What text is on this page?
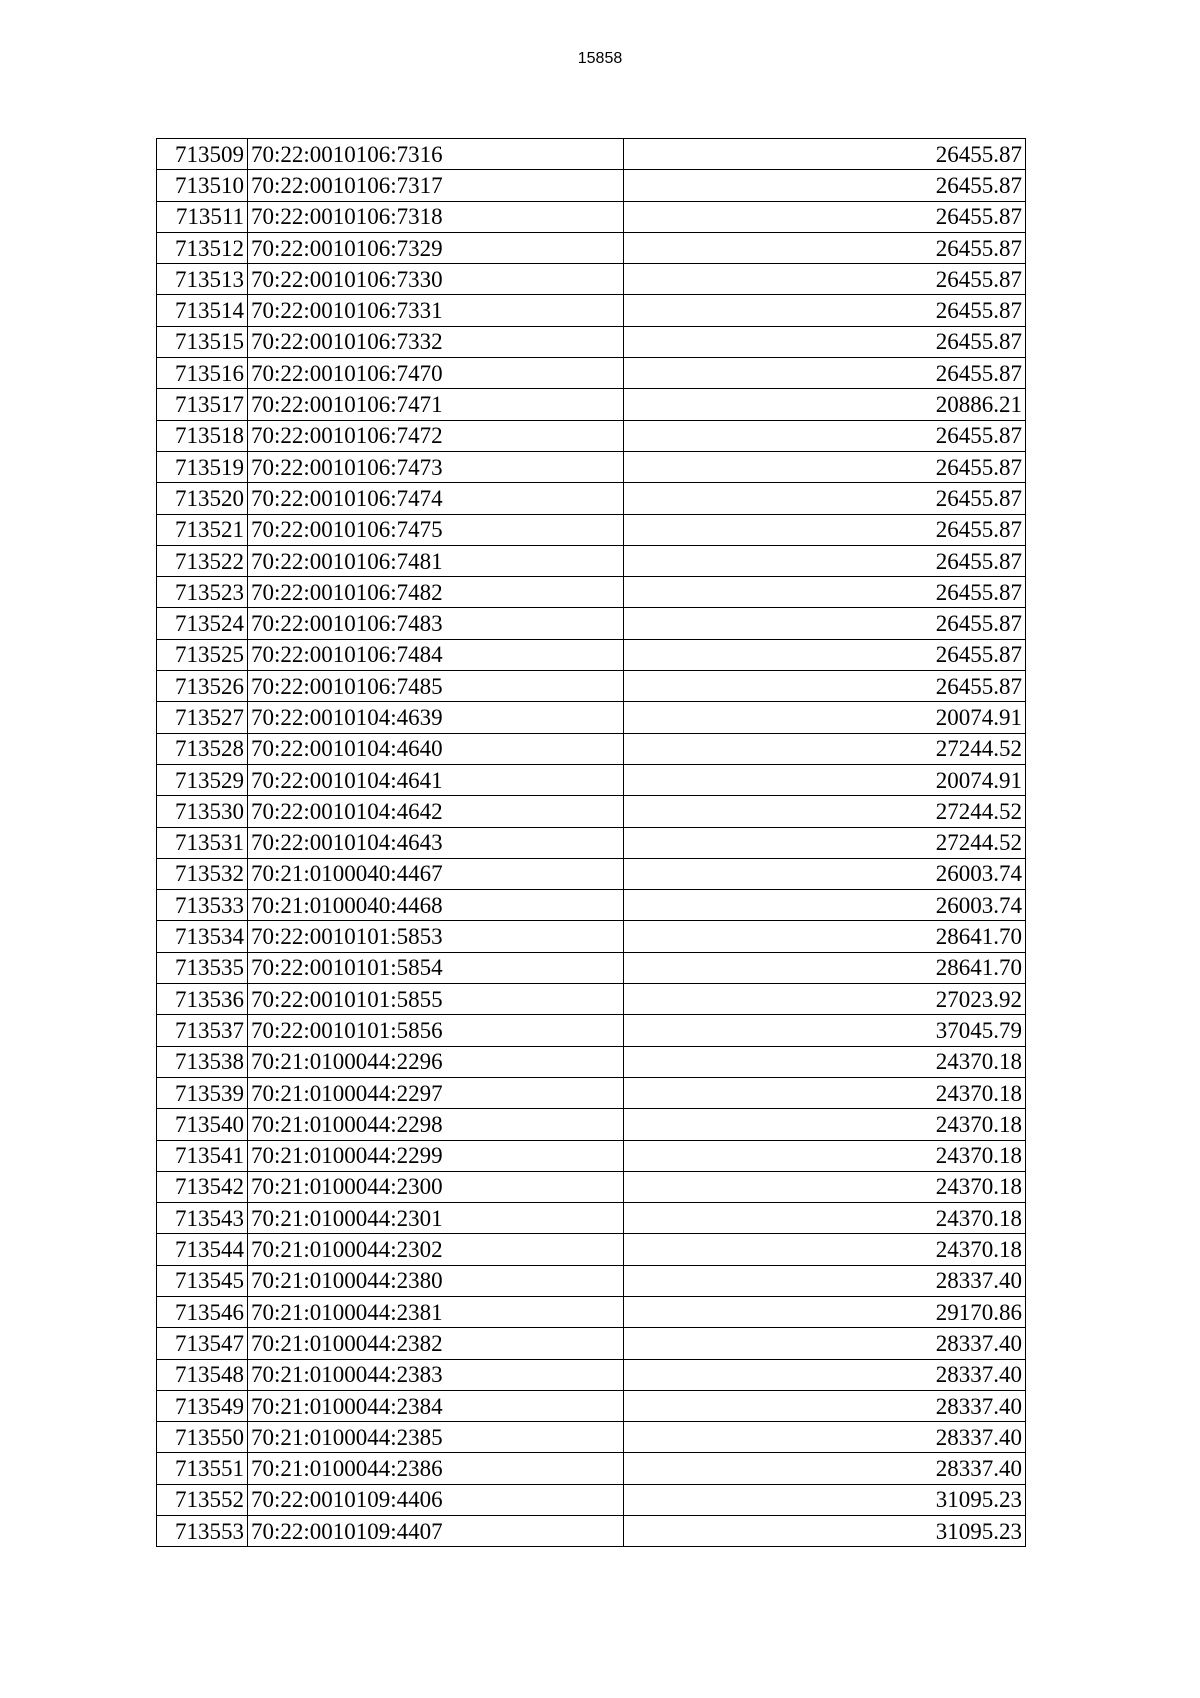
15858
713509	70:22:0010106:7316	26455.87
713510	70:22:0010106:7317	26455.87
713511	70:22:0010106:7318	26455.87
713512	70:22:0010106:7329	26455.87
713513	70:22:0010106:7330	26455.87
713514	70:22:0010106:7331	26455.87
713515	70:22:0010106:7332	26455.87
713516	70:22:0010106:7470	26455.87
713517	70:22:0010106:7471	20886.21
713518	70:22:0010106:7472	26455.87
713519	70:22:0010106:7473	26455.87
713520	70:22:0010106:7474	26455.87
713521	70:22:0010106:7475	26455.87
713522	70:22:0010106:7481	26455.87
713523	70:22:0010106:7482	26455.87
713524	70:22:0010106:7483	26455.87
713525	70:22:0010106:7484	26455.87
713526	70:22:0010106:7485	26455.87
713527	70:22:0010104:4639	20074.91
713528	70:22:0010104:4640	27244.52
713529	70:22:0010104:4641	20074.91
713530	70:22:0010104:4642	27244.52
713531	70:22:0010104:4643	27244.52
713532	70:21:0100040:4467	26003.74
713533	70:21:0100040:4468	26003.74
713534	70:22:0010101:5853	28641.70
713535	70:22:0010101:5854	28641.70
713536	70:22:0010101:5855	27023.92
713537	70:22:0010101:5856	37045.79
713538	70:21:0100044:2296	24370.18
713539	70:21:0100044:2297	24370.18
713540	70:21:0100044:2298	24370.18
713541	70:21:0100044:2299	24370.18
713542	70:21:0100044:2300	24370.18
713543	70:21:0100044:2301	24370.18
713544	70:21:0100044:2302	24370.18
713545	70:21:0100044:2380	28337.40
713546	70:21:0100044:2381	29170.86
713547	70:21:0100044:2382	28337.40
713548	70:21:0100044:2383	28337.40
713549	70:21:0100044:2384	28337.40
713550	70:21:0100044:2385	28337.40
713551	70:21:0100044:2386	28337.40
713552	70:22:0010109:4406	31095.23
713553	70:22:0010109:4407	31095.23
